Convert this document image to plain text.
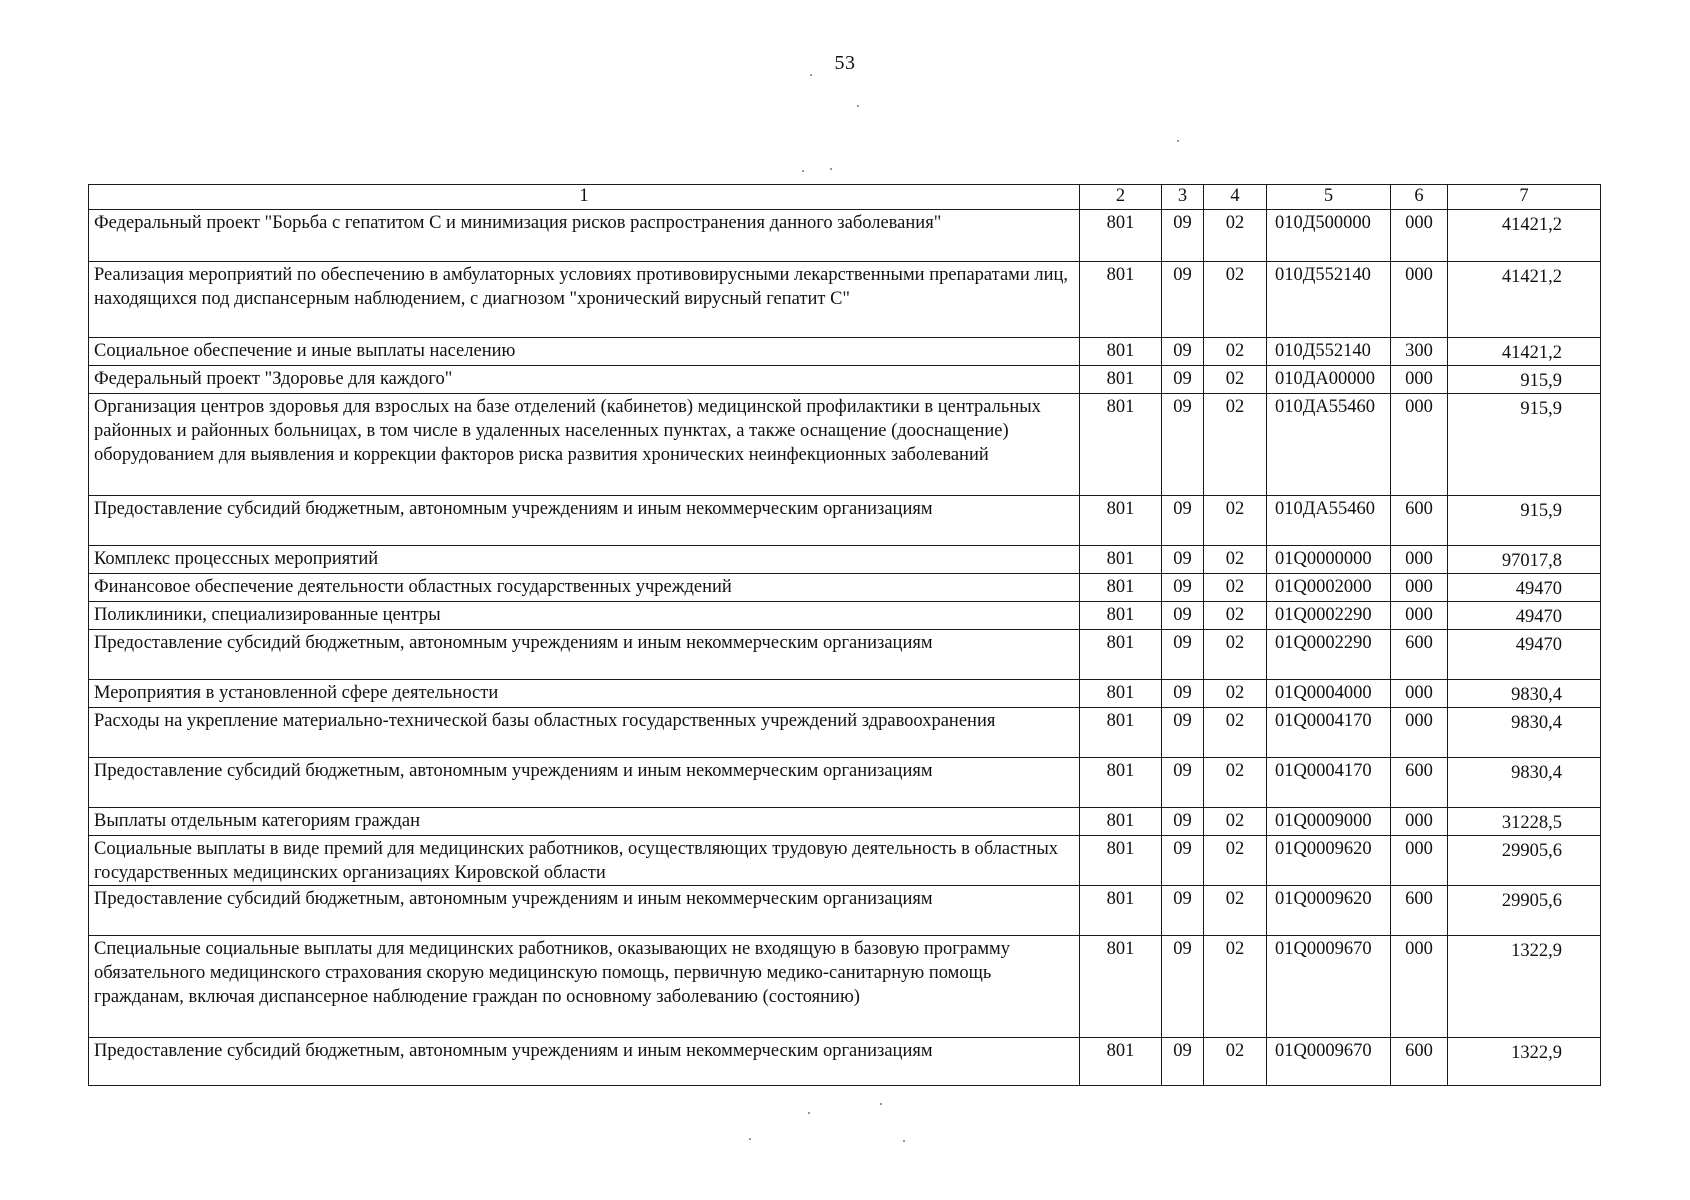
53
1	2	3	4	5	6	7
Федеральный проект "Борьба с гепатитом С и минимизация рисков распространения данного заболевания"	801	09	02	010Д500000	000	41421,2
Реализация мероприятий по обеспечению в амбулаторных условиях противовирусными лекарственными препаратами лиц, находящихся под диспансерным наблюдением, с диагнозом "хронический вирусный гепатит С"	801	09	02	010Д552140	000	41421,2
Социальное обеспечение и иные выплаты населению	801	09	02	010Д552140	300	41421,2
Федеральный проект "Здоровье для каждого"	801	09	02	010ДА00000	000	915,9
Организация центров здоровья для взрослых на базе отделений (кабинетов) медицинской профилактики в центральных районных и районных больницах, в том числе в удаленных населенных пунктах, а также оснащение (дооснащение) оборудованием для выявления и коррекции факторов риска развития хронических неинфекционных заболеваний	801	09	02	010ДА55460	000	915,9
Предоставление субсидий бюджетным, автономным учреждениям и иным некоммерческим организациям	801	09	02	010ДА55460	600	915,9
Комплекс процессных мероприятий	801	09	02	01Q0000000	000	97017,8
Финансовое обеспечение деятельности областных государственных учреждений	801	09	02	01Q0002000	000	49470
Поликлиники, специализированные центры	801	09	02	01Q0002290	000	49470
Предоставление субсидий бюджетным, автономным учреждениям и иным некоммерческим организациям	801	09	02	01Q0002290	600	49470
Мероприятия в установленной сфере деятельности	801	09	02	01Q0004000	000	9830,4
Расходы на укрепление материально-технической базы областных государственных учреждений здравоохранения	801	09	02	01Q0004170	000	9830,4
Предоставление субсидий бюджетным, автономным учреждениям и иным некоммерческим организациям	801	09	02	01Q0004170	600	9830,4
Выплаты отдельным категориям граждан	801	09	02	01Q0009000	000	31228,5
Социальные выплаты в виде премий для медицинских работников, осуществляющих трудовую деятельность в областных государственных медицинских организациях Кировской области	801	09	02	01Q0009620	000	29905,6
Предоставление субсидий бюджетным, автономным учреждениям и иным некоммерческим организациям	801	09	02	01Q0009620	600	29905,6
Специальные социальные выплаты для медицинских работников, оказывающих не входящую в базовую программу обязательного медицинского страхования скорую медицинскую помощь, первичную медико-санитарную помощь гражданам, включая диспансерное наблюдение граждан по основному заболеванию (состоянию)	801	09	02	01Q0009670	000	1322,9
Предоставление субсидий бюджетным, автономным учреждениям и иным некоммерческим организациям	801	09	02	01Q0009670	600	1322,9
